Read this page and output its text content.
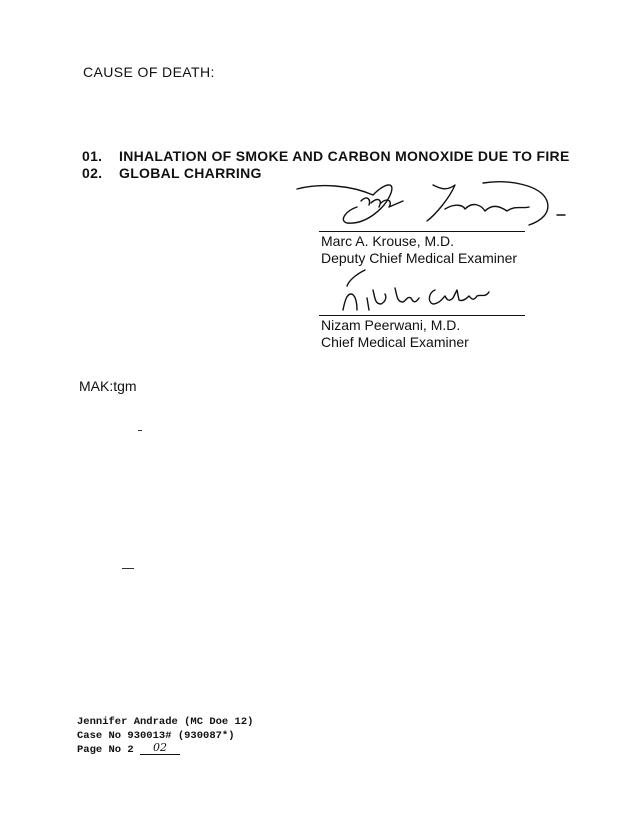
CAUSE OF DEATH:
01. INHALATION OF SMOKE AND CARBON MONOXIDE DUE TO FIRE
02. GLOBAL CHARRING
Marc A. Krouse, M.D.
Deputy Chief Medical Examiner
Nizam Peerwani, M.D.
Chief Medical Examiner
MAK:tgm
Jennifer Andrade (MC Doe 12)
Case No 930013# (930087*)
Page No 2 02
